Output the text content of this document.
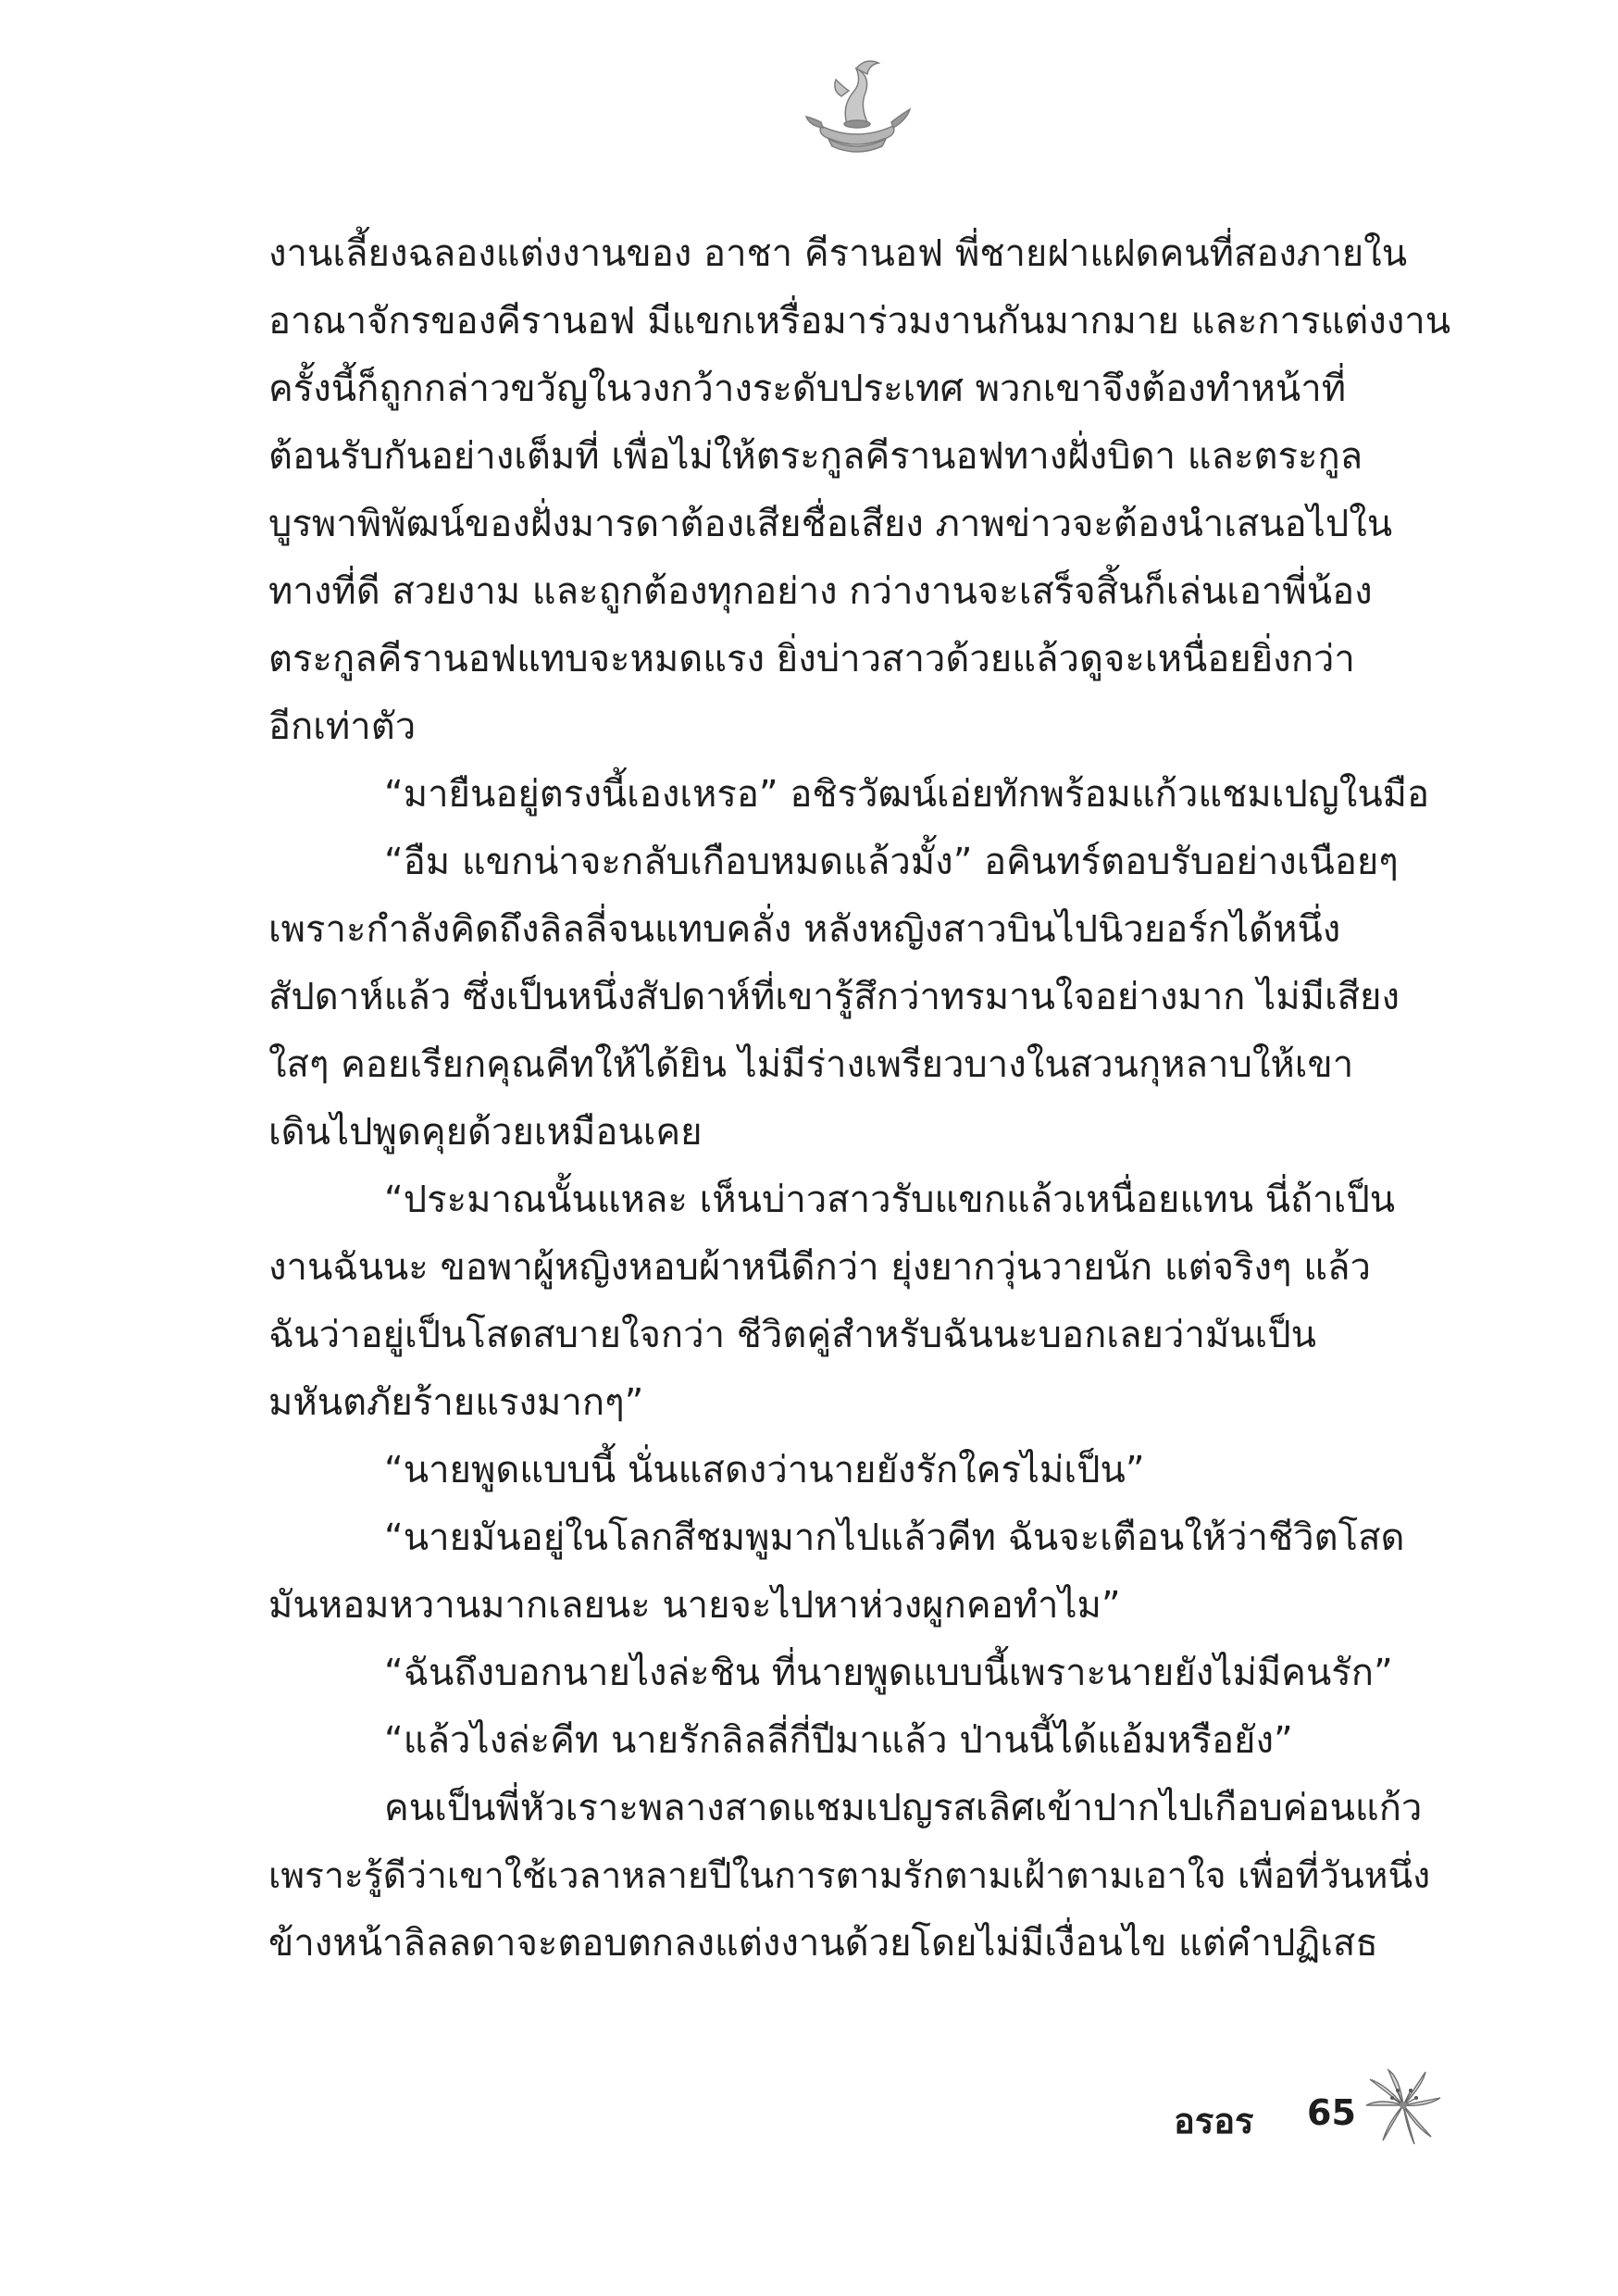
งานเลี้ยงฉลองแต่งงานของ อาชา คีรานอฟ พี่ชายฝาแฝดคนที่สองภายใน
อาณาจักรของคีรานอฟ มีแขกเหรื่อมาร่วมงานกันมากมาย และการแต่งงาน
ครั้งนี้ก็ถูกกล่าวขวัญในวงกว้างระดับประเทศ พวกเขาจึงต้องทำหน้าที่
ต้อนรับกันอย่างเต็มที่ เพื่อไม่ให้ตระกูลคีรานอฟทางฝั่งบิดา และตระกูล
บูรพาพิพัฒน์ของฝั่งมารดาต้องเสียชื่อเสียง ภาพข่าวจะต้องนำเสนอไปใน
ทางที่ดี สวยงาม และถูกต้องทุกอย่าง กว่างานจะเสร็จสิ้นก็เล่นเอาพี่น้อง
ตระกูลคีรานอฟแทบจะหมดแรง ยิ่งบ่าวสาวด้วยแล้วดูจะเหนื่อยยิ่งกว่า
อีกเท่าตัว
“มายืนอยู่ตรงนี้เองเหรอ” อชิรวัฒน์เอ่ยทักพร้อมแก้วแชมเปญในมือ
“อืม แขกน่าจะกลับเกือบหมดแล้วมั้ง” อคินทร์ตอบรับอย่างเนือยๆ
เพราะกำลังคิดถึงลิลลี่จนแทบคลั่ง หลังหญิงสาวบินไปนิวยอร์กได้หนึ่ง
สัปดาห์แล้ว ซึ่งเป็นหนึ่งสัปดาห์ที่เขารู้สึกว่าทรมานใจอย่างมาก ไม่มีเสียง
ใสๆ คอยเรียกคุณคีทให้ได้ยิน ไม่มีร่างเพรียวบางในสวนกุหลาบให้เขา
เดินไปพูดคุยด้วยเหมือนเคย
“ประมาณนั้นแหละ เห็นบ่าวสาวรับแขกแล้วเหนื่อยแทน นี่ถ้าเป็น
งานฉันนะ ขอพาผู้หญิงหอบผ้าหนีดีกว่า ยุ่งยากวุ่นวายนัก แต่จริงๆ แล้ว
ฉันว่าอยู่เป็นโสดสบายใจกว่า ชีวิตคู่สำหรับฉันนะบอกเลยว่ามันเป็น
มหันตภัยร้ายแรงมากๆ”
“นายพูดแบบนี้ นั่นแสดงว่านายยังรักใครไม่เป็น”
“นายมันอยู่ในโลกสีชมพูมากไปแล้วคีท ฉันจะเตือนให้ว่าชีวิตโสด
มันหอมหวานมากเลยนะ นายจะไปหาห่วงผูกคอทำไม”
“ฉันถึงบอกนายไงล่ะชิน ที่นายพูดแบบนี้เพราะนายยังไม่มีคนรัก”
“แล้วไงล่ะคีท นายรักลิลลี่กี่ปีมาแล้ว ป่านนี้ได้แอ้มหรือยัง”
คนเป็นพี่หัวเราะพลางสาดแชมเปญรสเลิศเข้าปากไปเกือบค่อนแก้ว
เพราะรู้ดีว่าเขาใช้เวลาหลายปีในการตามรักตามเฝ้าตามเอาใจ เพื่อที่วันหนึ่ง
ข้างหน้าลิลลดาจะตอบตกลงแต่งงานด้วยโดยไม่มีเงื่อนไข แต่คำปฏิเสธ
อรอร 65
